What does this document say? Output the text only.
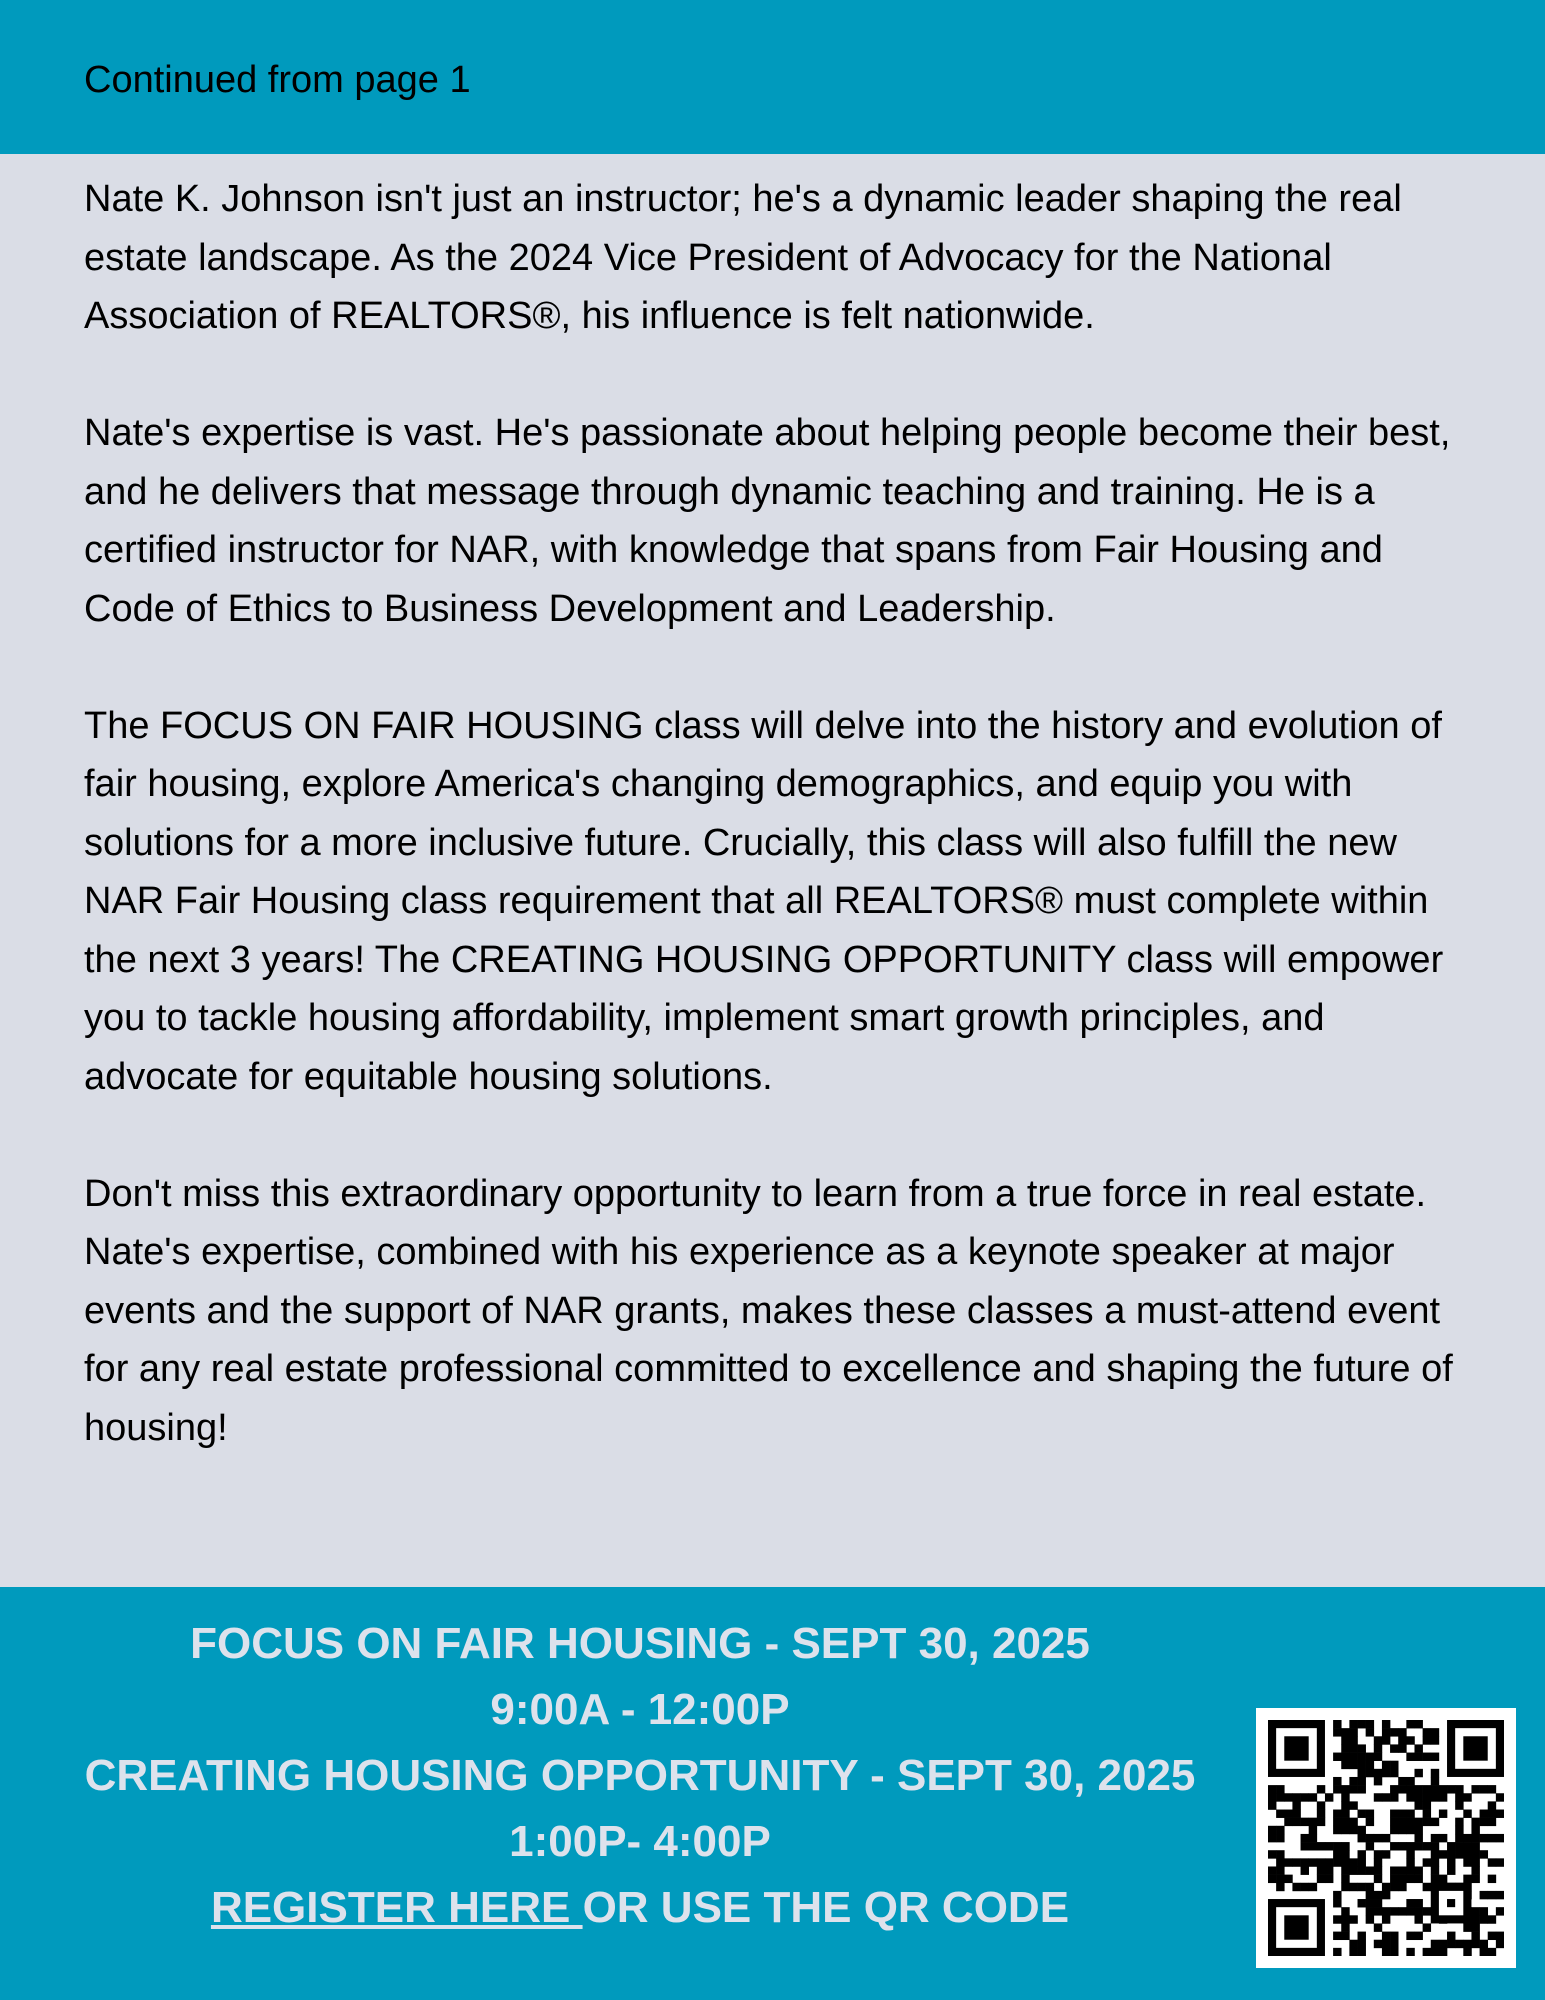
Continued from page 1

Nate K. Johnson isn't just an instructor; he's a dynamic leader shaping the real estate landscape. As the 2024 Vice President of Advocacy for the National Association of REALTORS®, his influence is felt nationwide.

Nate's expertise is vast. He's passionate about helping people become their best, and he delivers that message through dynamic teaching and training. He is a certified instructor for NAR, with knowledge that spans from Fair Housing and Code of Ethics to Business Development and Leadership.

The FOCUS ON FAIR HOUSING class will delve into the history and evolution of fair housing, explore America's changing demographics, and equip you with solutions for a more inclusive future. Crucially, this class will also fulfill the new NAR Fair Housing class requirement that all REALTORS® must complete within the next 3 years! The CREATING HOUSING OPPORTUNITY class will empower you to tackle housing affordability, implement smart growth principles, and advocate for equitable housing solutions.

Don't miss this extraordinary opportunity to learn from a true force in real estate. Nate's expertise, combined with his experience as a keynote speaker at major events and the support of NAR grants, makes these classes a must-attend event for any real estate professional committed to excellence and shaping the future of housing!

FOCUS ON FAIR HOUSING - SEPT 30, 2025
9:00A - 12:00P
CREATING HOUSING OPPORTUNITY - SEPT 30, 2025
1:00P- 4:00P
REGISTER HERE OR USE THE QR CODE
